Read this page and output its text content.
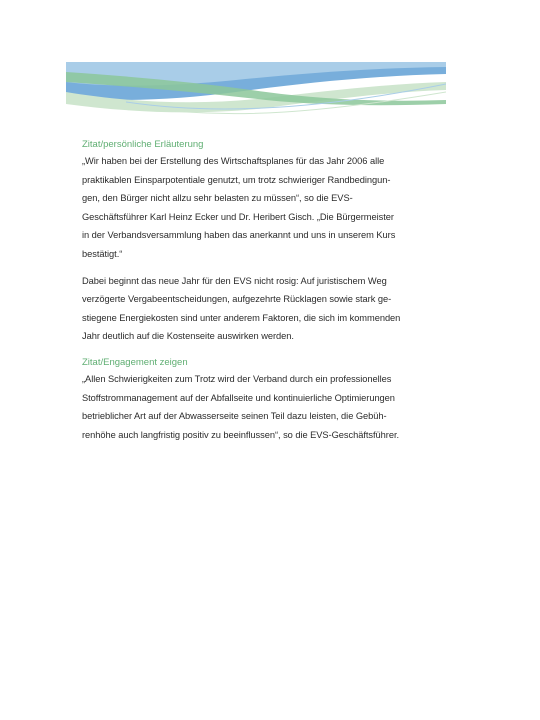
Zitat/persönliche Erläuterung

„Wir haben bei der Erstellung des Wirtschaftsplanes für das Jahr 2006 alle
praktikablen Einsparpotentiale genutzt, um trotz schwieriger Randbedingun-
gen, den Bürger nicht allzu sehr belasten zu müssen“, so die EVS-
Geschäftsführer Karl Heinz Ecker und Dr. Heribert Gisch. „Die Bürgermeister
in der Verbandsversammlung haben das anerkannt und uns in unserem Kurs
bestätigt.“

Dabei beginnt das neue Jahr für den EVS nicht rosig: Auf juristischem Weg
verzögerte Vergabeentscheidungen, aufgezehrte Rücklagen sowie stark ge-
stiegene Energiekosten sind unter anderem Faktoren, die sich im kommenden
Jahr deutlich auf die Kostenseite auswirken werden.

Zitat/Engagement zeigen

„Allen Schwierigkeiten zum Trotz wird der Verband durch ein professionelles
Stoffstrommanagement auf der Abfallseite und kontinuierliche Optimierungen
betrieblicher Art auf der Abwasserseite seinen Teil dazu leisten, die Gebüh-
renhöhe auch langfristig positiv zu beeinflussen“, so die EVS-Geschäftsführer.
